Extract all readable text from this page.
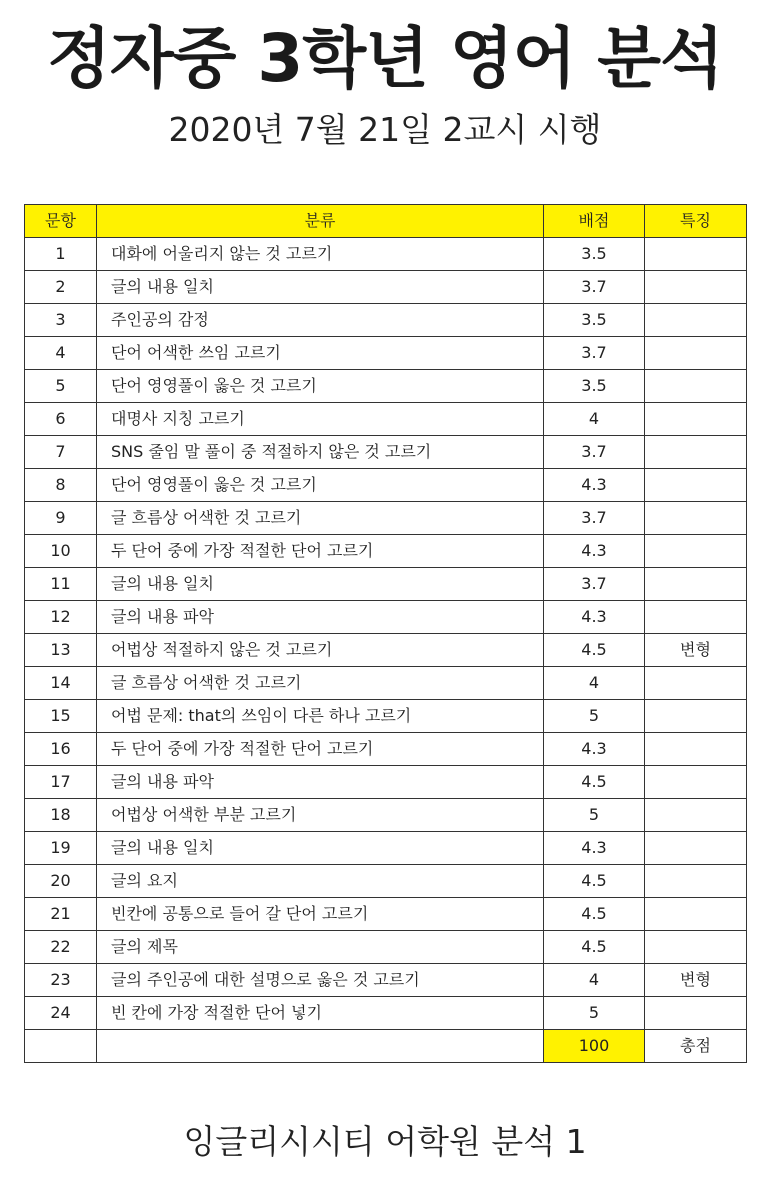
정자중 3학년 영어 분석
2020년 7월 21일 2교시 시행
문항	분류	배점	특징
1	대화에 어울리지 않는 것 고르기	3.5	
2	글의 내용 일치	3.7	
3	주인공의 감정	3.5	
4	단어 어색한 쓰임 고르기	3.7	
5	단어 영영풀이 옳은 것 고르기	3.5	
6	대명사 지칭 고르기	4	
7	SNS 줄임 말 풀이 중 적절하지 않은 것 고르기	3.7	
8	단어 영영풀이 옳은 것 고르기	4.3	
9	글 흐름상 어색한 것 고르기	3.7	
10	두 단어 중에 가장 적절한 단어 고르기	4.3	
11	글의 내용 일치	3.7	
12	글의 내용 파악	4.3	
13	어법상 적절하지 않은 것 고르기	4.5	변형
14	글 흐름상 어색한 것 고르기	4	
15	어법 문제: that의 쓰임이 다른 하나 고르기	5	
16	두 단어 중에 가장 적절한 단어 고르기	4.3	
17	글의 내용 파악	4.5	
18	어법상 어색한 부분 고르기	5	
19	글의 내용 일치	4.3	
20	글의 요지	4.5	
21	빈칸에 공통으로 들어 갈 단어 고르기	4.5	
22	글의 제목	4.5	
23	글의 주인공에 대한 설명으로 옳은 것 고르기	4	변형
24	빈 칸에 가장 적절한 단어 넣기	5	
		100	총점
잉글리시시티 어학원 분석 1
